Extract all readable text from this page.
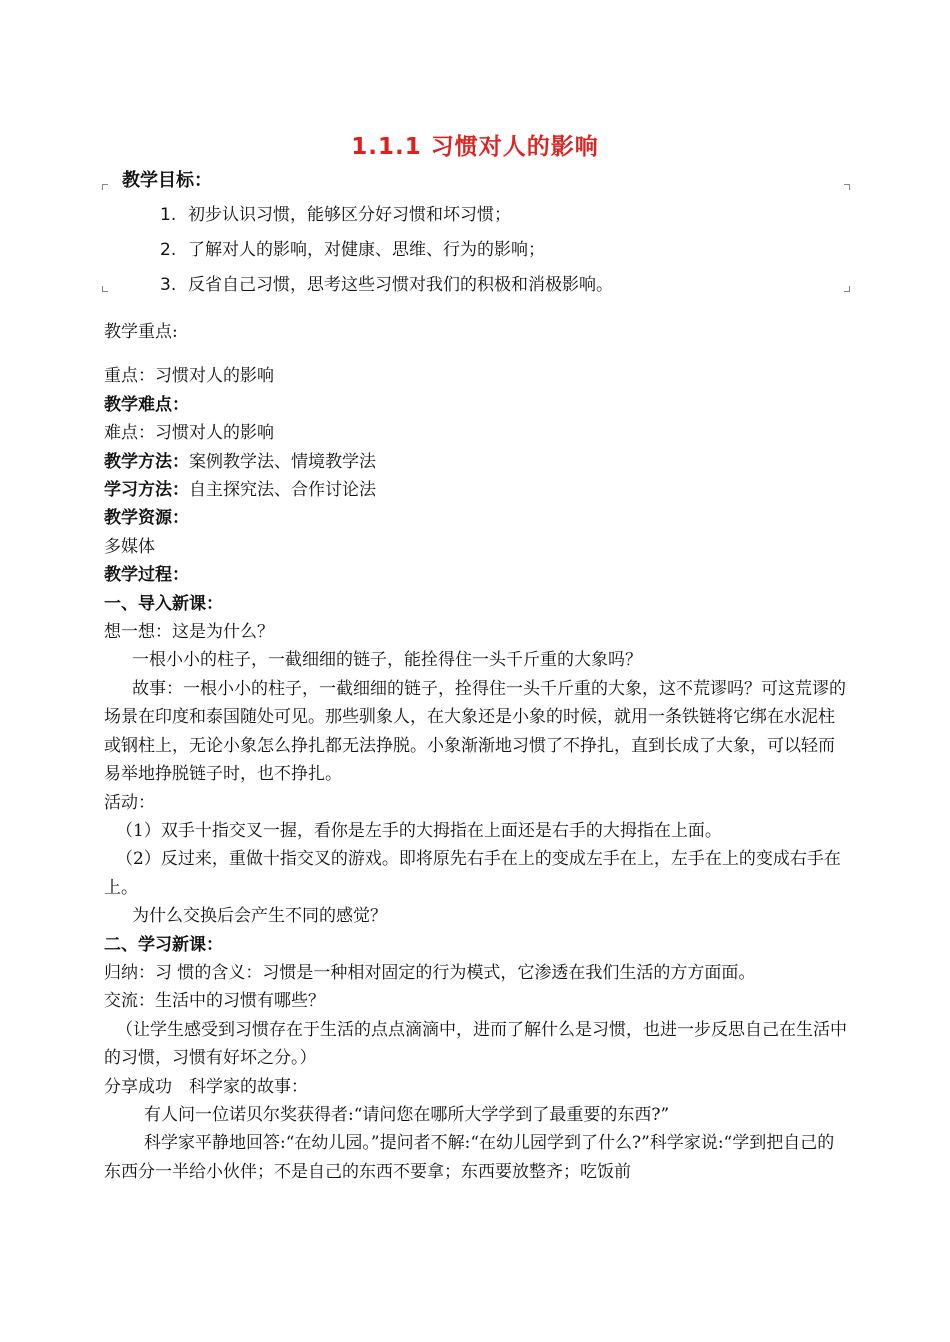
1.1.1 习惯对人的影响
教学目标：
1. 初步认识习惯，能够区分好习惯和坏习惯；
2. 了解对人的影响，对健康、思维、行为的影响；
3. 反省自己习惯，思考这些习惯对我们的积极和消极影响。

教学重点:

重点：习惯对人的影响

教学难点：

难点：习惯对人的影响

教学方法：案例教学法、情境教学法

学习方法：自主探究法、合作讨论法

教学资源：

多媒体

教学过程：

一、导入新课：

想一想：这是为什么？

一根小小的柱子，一截细细的链子，能拴得住一头千斤重的大象吗？

故事：一根小小的柱子，一截细细的链子，拴得住一头千斤重的大象，这不荒谬吗？可这荒谬的场景在印度和泰国随处可见。那些驯象人，在大象还是小象的时候，就用一条铁链将它绑在水泥柱或钢柱上，无论小象怎么挣扎都无法挣脱。小象渐渐地习惯了不挣扎，直到长成了大象，可以轻而易举地挣脱链子时，也不挣扎。

活动：

（1）双手十指交叉一握，看你是左手的大拇指在上面还是右手的大拇指在上面。

（2）反过来，重做十指交叉的游戏。即将原先右手在上的变成左手在上，左手在上的变成右手在上。

为什么交换后会产生不同的感觉？

二、学习新课：

归纳：习 惯的含义：习惯是一种相对固定的行为模式，它渗透在我们生活的方方面面。

交流：生活中的习惯有哪些？

（让学生感受到习惯存在于生活的点点滴滴中，进而了解什么是习惯，也进一步反思自己在生活中的习惯，习惯有好坏之分。）

分享成功　科学家的故事：

有人问一位诺贝尔奖获得者:“请问您在哪所大学学到了最重要的东西?”

科学家平静地回答:“在幼儿园。”提问者不解:“在幼儿园学到了什么?”科学家说:“学到把自己的东西分一半给小伙伴；不是自己的东西不要拿；东西要放整齐；吃饭前
